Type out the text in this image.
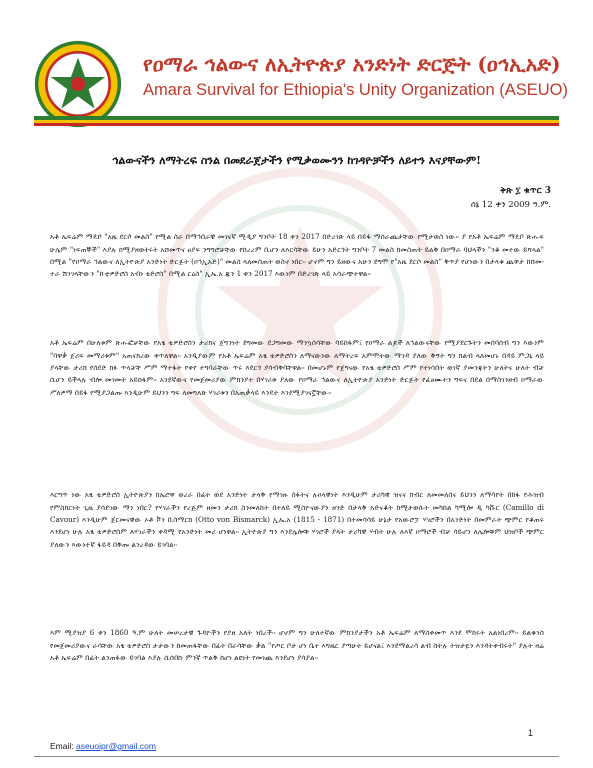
የዐማራ ኅልውና ለኢትዮጵያ አንድነት ድርጅት (ዐኅኢአድ)
Amara Survival for Ethiopia's Unity Organization (ASEUO)
ኅልውናችን ለማትረፍ ስንል በመደራጀታችን የሚቃወሙንን ከገዳዮቻችን ለይተን እናያቸውም!
ቅጽ ፲ ቁጥር 3
ሰኔ 12 ቀን 2009 ዓ.ም.

አቶ ኤፍሬም ማዴቦ "አዜ ደርሶ መልስ" የሚል ስራ በማኅበራዊ መገናኛ ሚዲያ ግንቦት 18 ቀን 2017 በድረገጽ ላይ በይፋ ማሰራጨታቸው የሚታወስ ነው፡፡ ያ የአቶ ኤፍሬም ማዴቦ ጽሑፍ ሁሌም "ነፍጠኞች" እያሉ ከሚያዘወትሩት አሸመጥና ፀያፍ ንግግሮቻቸው የከረረም ቢሆን ለእርሳቸው ይሁን አድርጎት ግንቦት 7 መልስ ከመስጠት ይልቅ በዐማራ ባህላችን "ንቆ መተው ይሻላል" በሚል "የዐማራ ኅልውና ለኢትዮጵያ አንድነት ድርጅት (ዐኅኢአድ)" መልስ ላለመስጠት ወስኖ ነበር፡፡ ሆኖም ግን ይዘውና አሁን ደግሞ የ"አዜ ደርሶ መልስ" ቅጥያ የሆነውን በታላቁ ጨዋታ ከሸመ-ተራ ሽንገላቸውን "ኩቲዎድሮስ አብነ ቴድሮስ" በሚል ርዕስ" ኢኤ.አ ጁን 1 ቀን 2017 እውነም በድረገጽ ላይ አሳራጭተዋል፡፡

አቶ ኤፍሬም በሁለቱም ጽሑፎቻቸው የአፄ ቴዎድሮስን ታሪክና ጀግንነት ደግመው ደጋግመው ማንኳሰሳቸው ባይከፋም፤ የዐማራ ልጆች ለኅልውናቸው የሚያደርጉትን መሰባሰብ ግን እውነም "ባዋቃ ጀሪፍ መማሪቱም" አጠናክረው ቀጥለዋል፡፡ አንዲያውም የአቶ ኤፍሬም አፄ ቴዎድሮስን ለማናውነው ለማትረፍ አምሞትው ማንዳ ያለው ቅኝት ግን ክልብ ላለመሆኑ በዳይ ምጋኒ ላይ ያላቸው ታሪክ የሰደድ ክፉ ጥላቻቸ ሥም ማተፋት የቀየ ተግባራቸው ጥሩ እደርጎ ያሳብቅባቸዋል፡፡ በመሆኑም የጀግናው የአፄ ቴዎድሮስ ሥም የተነሳበት ወገኛ ያመንጃትን ሁለትና ሁለት ብቻ ሲሆን ይችላሉ ብሎ መገመት አይከፋም፡፡ አንደኛውና የመጀመሪያው ምክንያት በሃገሪቱ ያለው የዐማራ ኅልውና ለኢትዮጵያ አንድነት ድርጅት የፈፀሙትን ግፍና በደል በማስገንዘብ ዐማራው ሥለዎማ በይፋ የሚያጋልጡ እንዲሁም ይህንን ግፍ ለመግለጽ ሃገሪቱን በአጠቃላይ እንዴት እንደሚያገናኟቸው፡፡

እርግጥ ነው አፄ ቴዎድሮስ ኢትዮጵያን ከኤሮዋ ወረራ በፊት ወደ አንድነት ታላቅ የማገዙ ስፋትና ሉዐላዊነት እንዲሁም ታሪካዊ ዝናና ክብር ለመመለስና ይህንን ለማሳየት በከፋ የሕዝብ የምስክርነት ጊዜ ያሳደገው ማን ነበር? የሃገራችን የረጅም ዘመን ታሪክ ስንመለከት በተለይ ሚስዮናውያን ዘንድ በታላቅ አድናቆት ከሚታወሱት መካከል ካሚሎ ዲ ካቩር (Camillo di Cavour) እንዲሁም ጀርመናዊው ኦቶ ቮን ቢስማርክ (Otto von Bismarck) ኢኤ.አ (1815 - 1871) በተመሳሳይ ሁኔታ የአውሮፓ ሃገሮችን በአንድነት በመምራት ጭምር የቆጠሩ እንደሆነ ሁሉ አፄ ቴዎድሮስም ለሃገራችን ቀዳሚ የአንድነት መሪ ሆነዋል፡፡ ኢትዮጵያ ግን እንደሌሎቹ ሃገሮች ያላት ታሪካዊ ሃብት ሁሉ ለእኛ ዐማሮች ብቻ ሳይሆን ለሌሎቹም ህዝቦች ጭምር ያለውን እውነተኛ ፋይዳ በቅጡ ልንረዳው ይገባል፡፡

እም ሚያዝያ 6 ቀን 1860 ዓ.ም ሁለት መሠረታዊ ጉዳዮችን የያዘ አለት ነበረች፡፡ ሆኖም ግን ሁለተኛው ምክንያታችን አቶ ኤፍሬም ለማስቀመጥ እንደ ሞከሩት አልነበረም፡፡ ይልቁንስ የመጀመሪያውና ራሳቸው አፄ ቴዎድሮስ ታታውን ከመጠፋቸው በፊት በራሳቸው ቃል "የጦር ቦታ ሆነ ቤተ እግዜር ያጣሁት ይሆናል፤ እንደማልረሳ ልብ ስትሉ ትዝታዬን እንዳትቀብሩት" ያሉት ዛሬ አቶ ኤፍሬም በፊት ልንጠፋው ይገባል እያሉ ሲሰበኩ ምንኛ ጥልቅ ከሆነ ልዩነት የመነጨ እንደሆነ ያሳያል፡፡

1
Email: aseuoipr@gmail.com
